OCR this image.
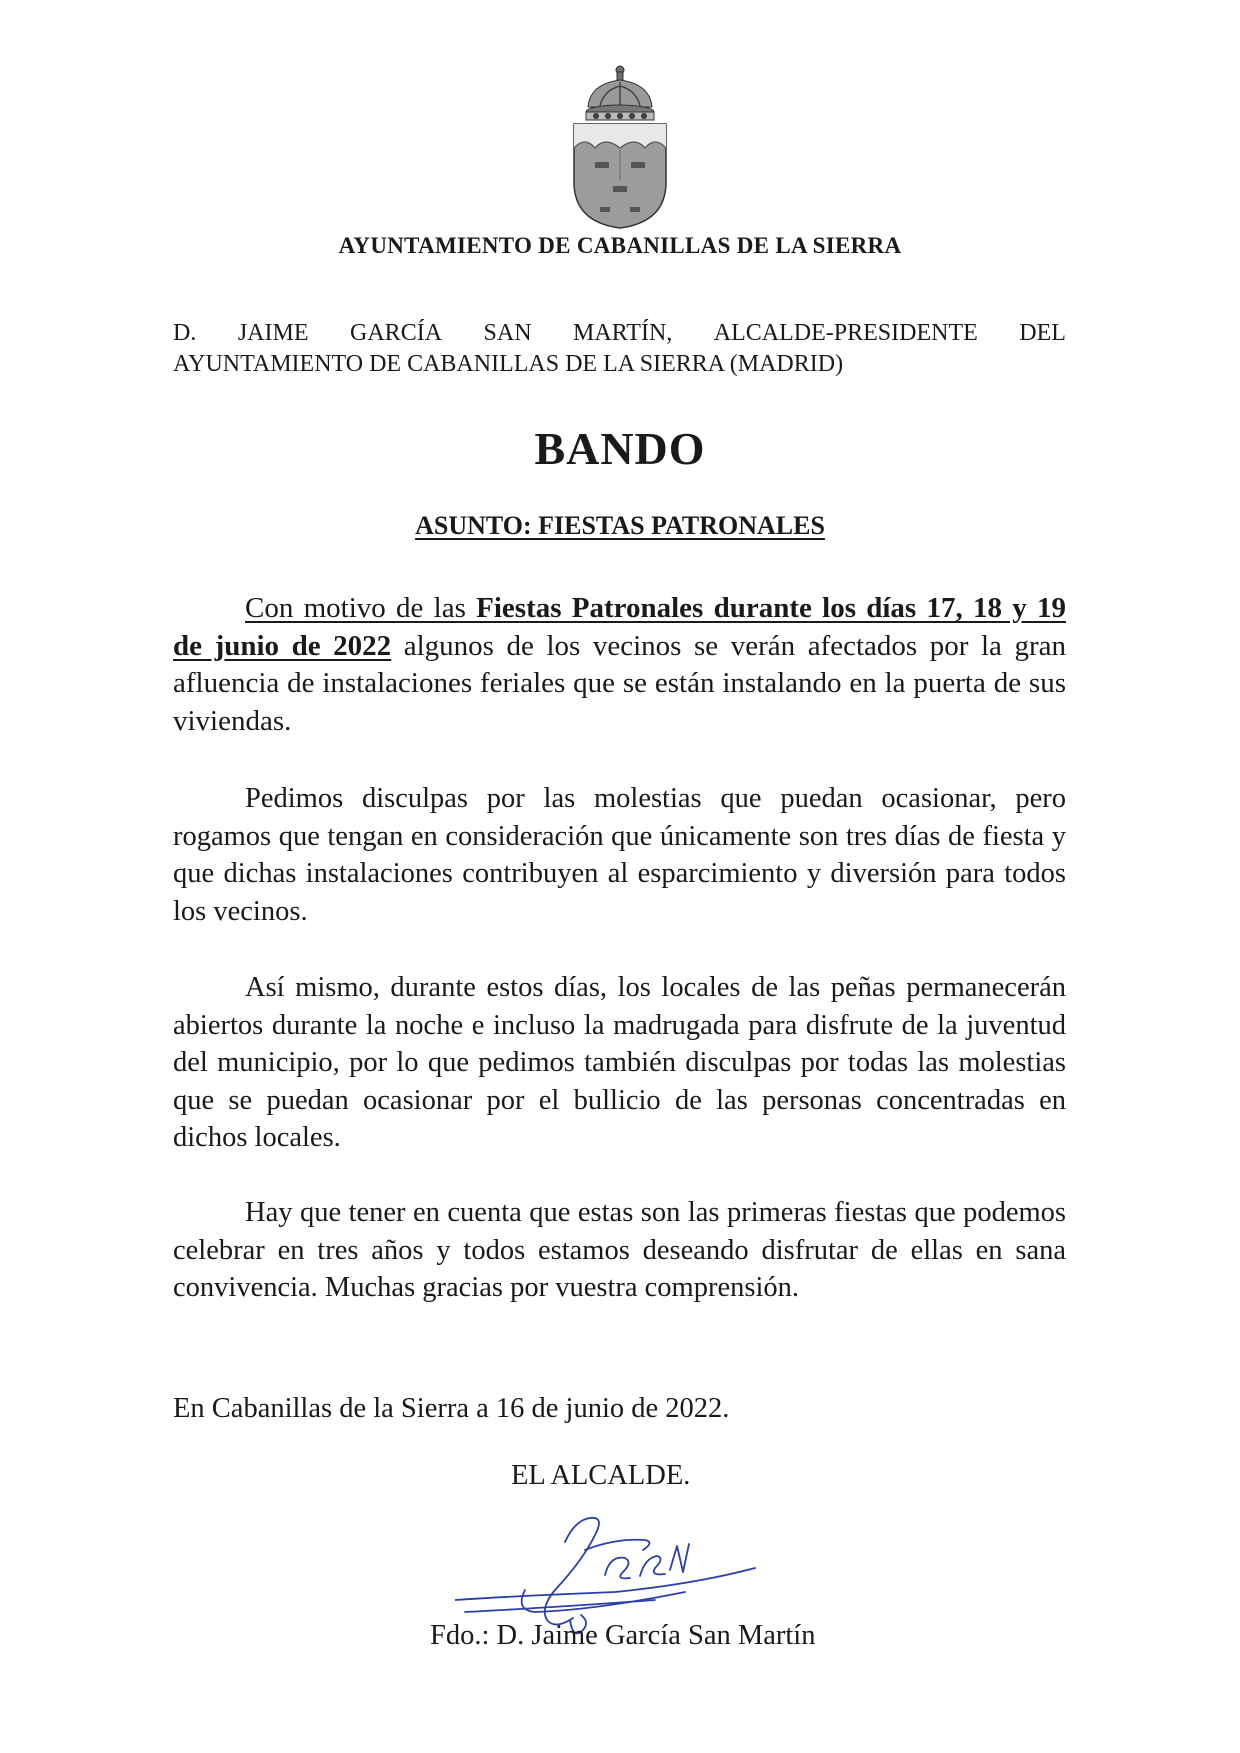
AYUNTAMIENTO DE CABANILLAS DE LA SIERRA
D. JAIME GARCÍA SAN MARTÍN, ALCALDE-PRESIDENTE DEL
AYUNTAMIENTO DE CABANILLAS DE LA SIERRA (MADRID)
BANDO
ASUNTO: FIESTAS PATRONALES

Con motivo de las Fiestas Patronales durante los días 17, 18 y 19 de junio de 2022 algunos de los vecinos se verán afectados por la gran afluencia de instalaciones feriales que se están instalando en la puerta de sus viviendas.

Pedimos disculpas por las molestias que puedan ocasionar, pero rogamos que tengan en consideración que únicamente son tres días de fiesta y que dichas instalaciones contribuyen al esparcimiento y diversión para todos los vecinos.

Así mismo, durante estos días, los locales de las peñas permanecerán abiertos durante la noche e incluso la madrugada para disfrute de la juventud del municipio, por lo que pedimos también disculpas por todas las molestias que se puedan ocasionar por el bullicio de las personas concentradas en dichos locales.

Hay que tener en cuenta que estas son las primeras fiestas que podemos celebrar en tres años y todos estamos deseando disfrutar de ellas en sana convivencia. Muchas gracias por vuestra comprensión.

En Cabanillas de la Sierra a 16 de junio de 2022.
EL ALCALDE.
Fdo.: D. Jaime García San Martín
